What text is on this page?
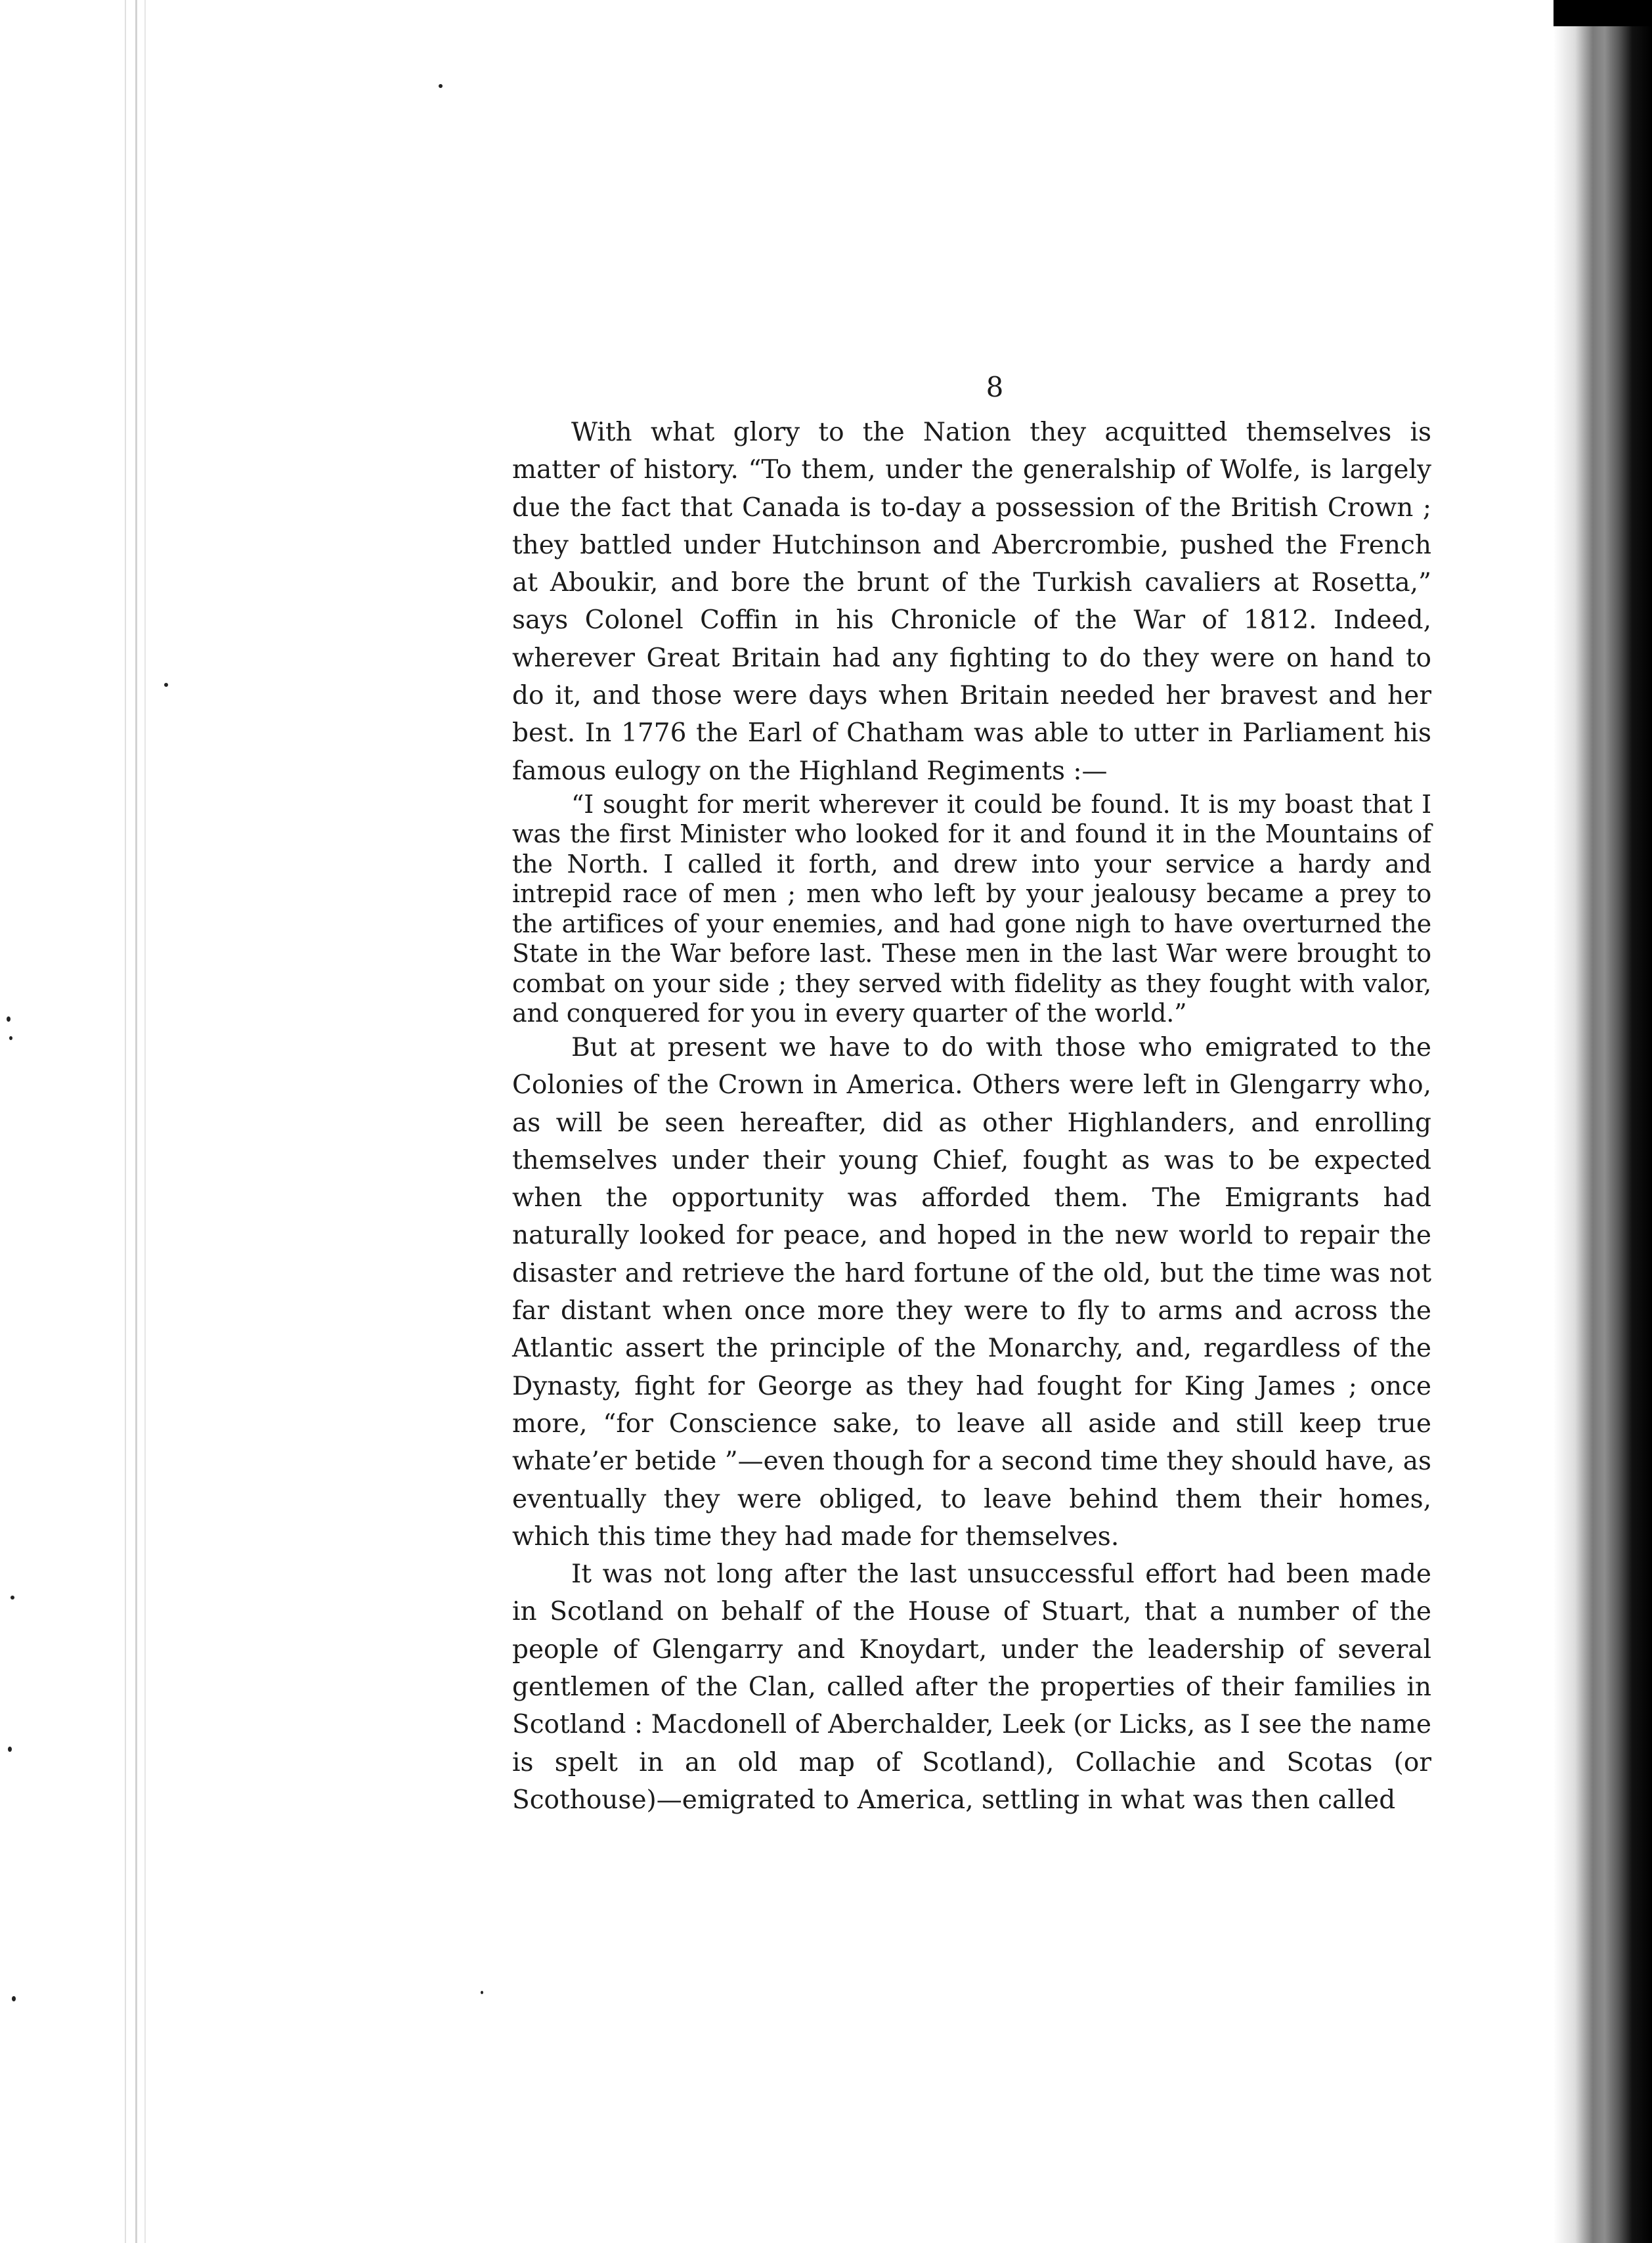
8

With what glory to the Nation they acquitted themselves is matter of history. “To them, under the generalship of Wolfe, is largely due the fact that Canada is to-day a possession of the British Crown ; they battled under Hutchinson and Abercrombie, pushed the French at Aboukir, and bore the brunt of the Turkish cavaliers at Rosetta,” says Colonel Coffin in his Chronicle of the War of 1812. Indeed, wherever Great Britain had any fighting to do they were on hand to do it, and those were days when Britain needed her bravest and her best. In 1776 the Earl of Chatham was able to utter in Parliament his famous eulogy on the Highland Regiments :—

“I sought for merit wherever it could be found. It is my boast that I was the first Minister who looked for it and found it in the Mountains of the North. I called it forth, and drew into your service a hardy and intrepid race of men ; men who left by your jealousy became a prey to the artifices of your enemies, and had gone nigh to have overturned the State in the War before last. These men in the last War were brought to combat on your side ; they served with fidelity as they fought with valor, and conquered for you in every quarter of the world.”

But at present we have to do with those who emigrated to the Colonies of the Crown in America. Others were left in Glengarry who, as will be seen hereafter, did as other Highlanders, and enrolling themselves under their young Chief, fought as was to be expected when the opportunity was afforded them. The Emigrants had naturally looked for peace, and hoped in the new world to repair the disaster and retrieve the hard fortune of the old, but the time was not far distant when once more they were to fly to arms and across the Atlantic assert the principle of the Monarchy, and, regardless of the Dynasty, fight for George as they had fought for King James ; once more, “for Conscience sake, to leave all aside and still keep true whate’er betide ”—even though for a second time they should have, as eventually they were obliged, to leave behind them their homes, which this time they had made for themselves.

It was not long after the last unsuccessful effort had been made in Scotland on behalf of the House of Stuart, that a number of the people of Glengarry and Knoydart, under the leadership of several gentlemen of the Clan, called after the properties of their families in Scotland : Macdonell of Aberchalder, Leek (or Licks, as I see the name is spelt in an old map of Scotland), Collachie and Scotas (or Scothouse)—emigrated to America, settling in what was then called
